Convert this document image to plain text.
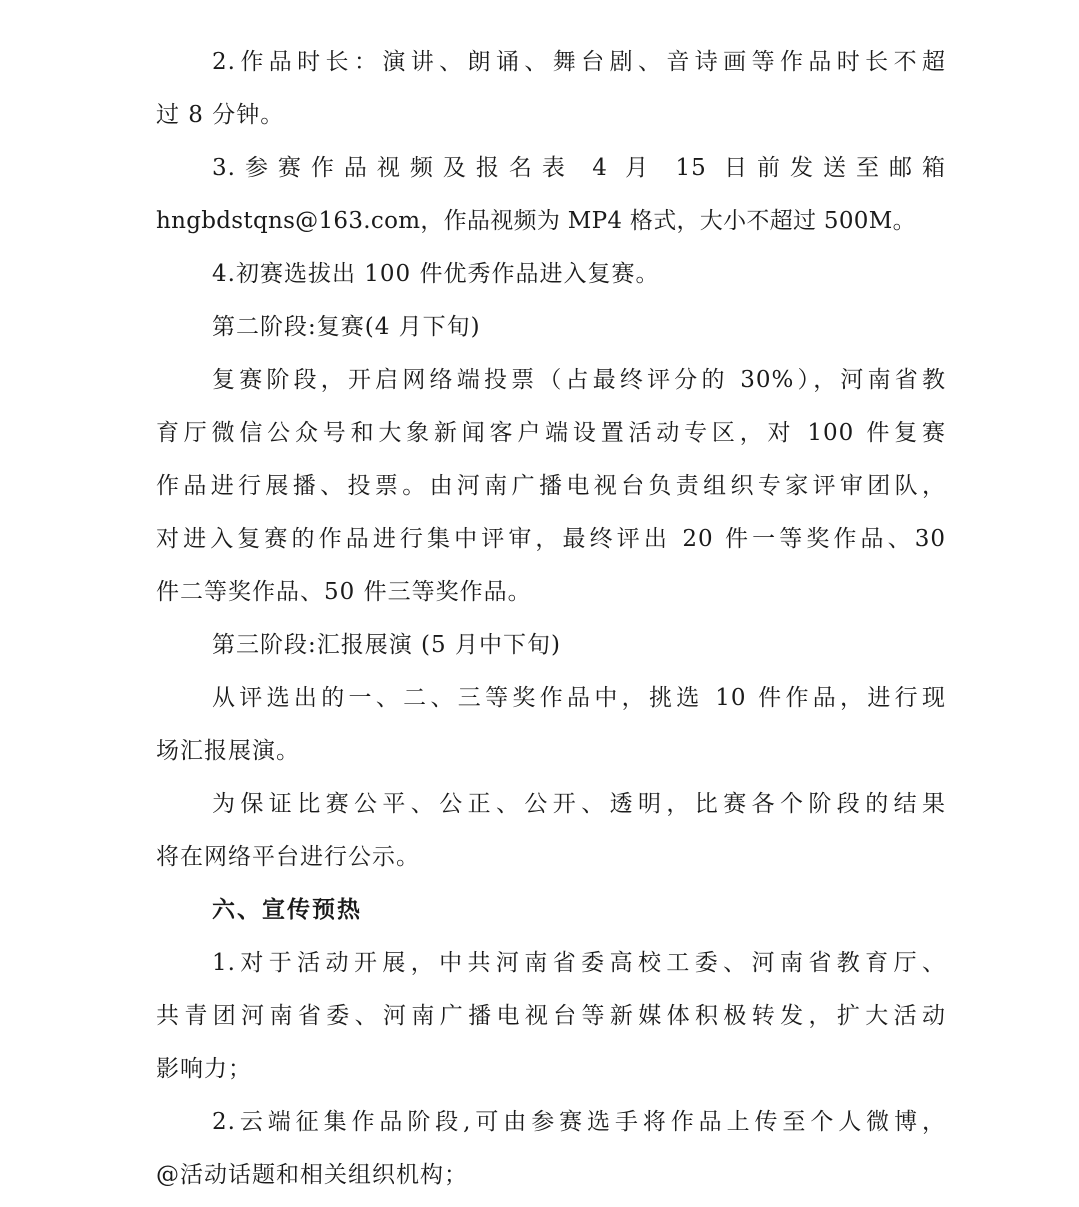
2.作品时长：演讲、朗诵、舞台剧、音诗画等作品时长不超
过 8 分钟。
3.参赛作品视频及报名表 4 月 15 日前发送至邮箱
hngbdstqns@163.com，作品视频为 MP4 格式，大小不超过 500M。
4.初赛选拔出 100 件优秀作品进入复赛。
第二阶段:复赛(4 月下旬)
复赛阶段，开启网络端投票（占最终评分的 30%），河南省教
育厅微信公众号和大象新闻客户端设置活动专区，对 100 件复赛
作品进行展播、投票。由河南广播电视台负责组织专家评审团队，
对进入复赛的作品进行集中评审，最终评出 20 件一等奖作品、30
件二等奖作品、50 件三等奖作品。
第三阶段:汇报展演 (5 月中下旬)
从评选出的一、二、三等奖作品中，挑选 10 件作品，进行现
场汇报展演。
为保证比赛公平、公正、公开、透明，比赛各个阶段的结果
将在网络平台进行公示。
六、宣传预热
1.对于活动开展，中共河南省委高校工委、河南省教育厅、
共青团河南省委、河南广播电视台等新媒体积极转发，扩大活动
影响力；
2.云端征集作品阶段,可由参赛选手将作品上传至个人微博，
@活动话题和相关组织机构；
